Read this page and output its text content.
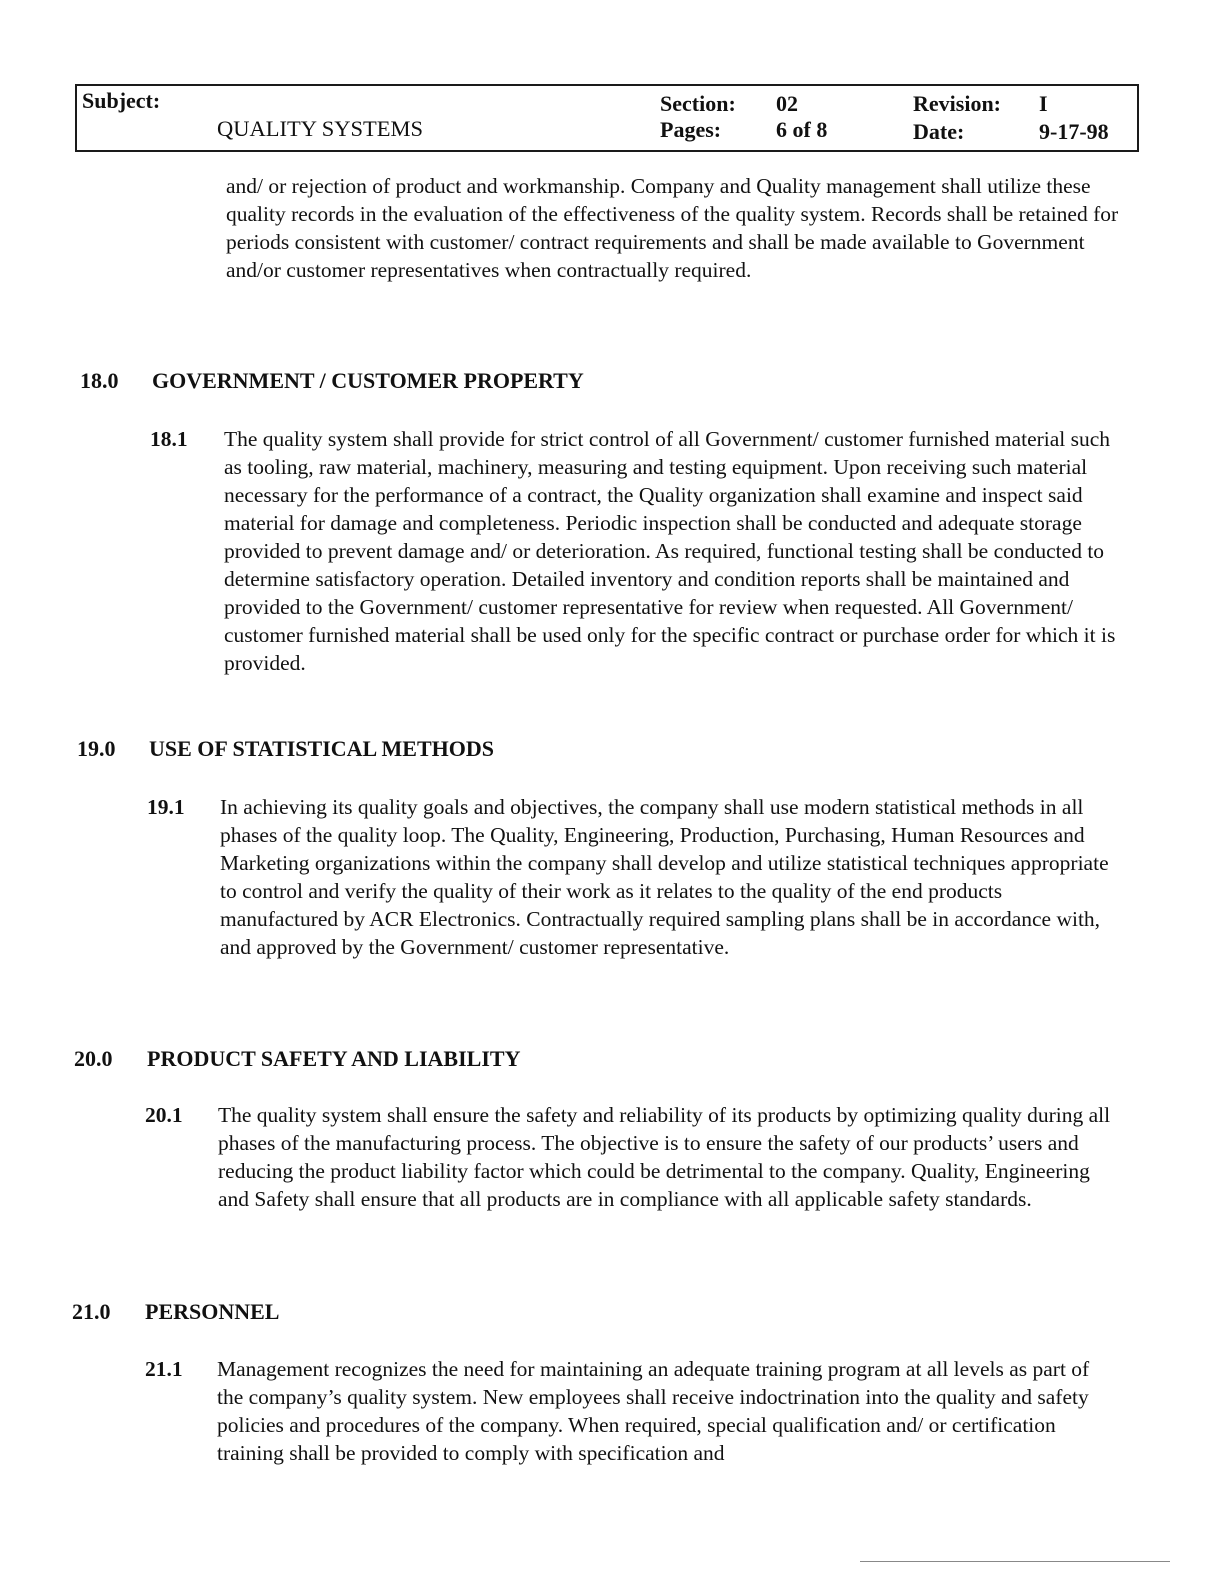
Subject:
QUALITY SYSTEMS
Section: 02
Pages: 6 of 8
Revision: I
Date:	9-17-98

and/ or rejection of product and workmanship. Company and Quality management shall utilize these quality records in the evaluation of the effectiveness of the quality system. Records shall be retained for periods consistent with customer/ contract requirements and shall be made available to Government and/or customer representatives when contractually required.

18.0 GOVERNMENT / CUSTOMER PROPERTY
18.1 The quality system shall provide for strict control of all Government/ customer furnished material such as tooling, raw material, machinery, measuring and testing equipment. Upon receiving such material necessary for the performance of a contract, the Quality organization shall examine and inspect said material for damage and completeness. Periodic inspection shall be conducted and adequate storage provided to prevent damage and/ or deterioration. As required, functional testing shall be conducted to determine satisfactory operation. Detailed inventory and condition reports shall be maintained and provided to the Government/ customer representative for review when requested. All Government/ customer furnished material shall be used only for the specific contract or purchase order for which it is provided.

19.0 USE OF STATISTICAL METHODS
19.1 In achieving its quality goals and objectives, the company shall use modern statistical methods in all phases of the quality loop. The Quality, Engineering, Production, Purchasing, Human Resources and Marketing organizations within the company shall develop and utilize statistical techniques appropriate to control and verify the quality of their work as it relates to the quality of the end products manufactured by ACR Electronics. Contractually required sampling plans shall be in accordance with, and approved by the Government/ customer representative.

20.0 PRODUCT SAFETY AND LIABILITY
20.1 The quality system shall ensure the safety and reliability of its products by optimizing quality during all phases of the manufacturing process. The objective is to ensure the safety of our products’ users and reducing the product liability factor which could be detrimental to the company. Quality, Engineering and Safety shall ensure that all products are in compliance with all applicable safety standards.

21.0 PERSONNEL
21.1 Management recognizes the need for maintaining an adequate training program at all levels as part of the company’s quality system. New employees shall receive indoctrination into the quality and safety policies and procedures of the company. When required, special qualification and/ or certification training shall be provided to comply with specification and
